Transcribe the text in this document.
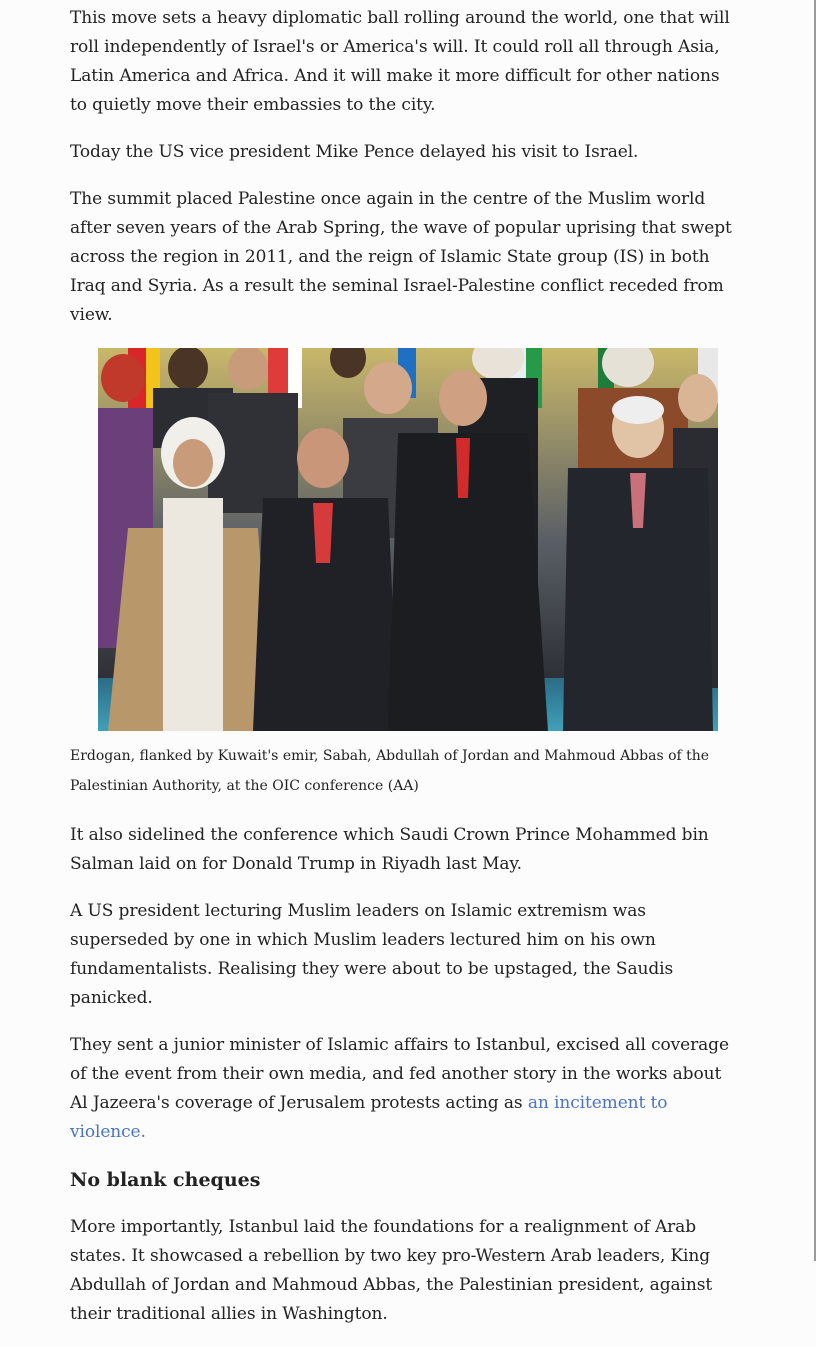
This move sets a heavy diplomatic ball rolling around the world, one that will roll independently of Israel's or America's will. It could roll all through Asia, Latin America and Africa. And it will make it more difficult for other nations to quietly move their embassies to the city.

Today the US vice president Mike Pence delayed his visit to Israel.

The summit placed Palestine once again in the centre of the Muslim world after seven years of the Arab Spring, the wave of popular uprising that swept across the region in 2011, and the reign of Islamic State group (IS) in both Iraq and Syria. As a result the seminal Israel-Palestine conflict receded from view.

Erdogan, flanked by Kuwait's emir, Sabah, Abdullah of Jordan and Mahmoud Abbas of the Palestinian Authority, at the OIC conference (AA)

It also sidelined the conference which Saudi Crown Prince Mohammed bin Salman laid on for Donald Trump in Riyadh last May.

A US president lecturing Muslim leaders on Islamic extremism was superseded by one in which Muslim leaders lectured him on his own fundamentalists. Realising they were about to be upstaged, the Saudis panicked.

They sent a junior minister of Islamic affairs to Istanbul, excised all coverage of the event from their own media, and fed another story in the works about Al Jazeera's coverage of Jerusalem protests acting as an incitement to violence.

No blank cheques

More importantly, Istanbul laid the foundations for a realignment of Arab states. It showcased a rebellion by two key pro-Western Arab leaders, King Abdullah of Jordan and Mahmoud Abbas, the Palestinian president, against their traditional allies in Washington.
